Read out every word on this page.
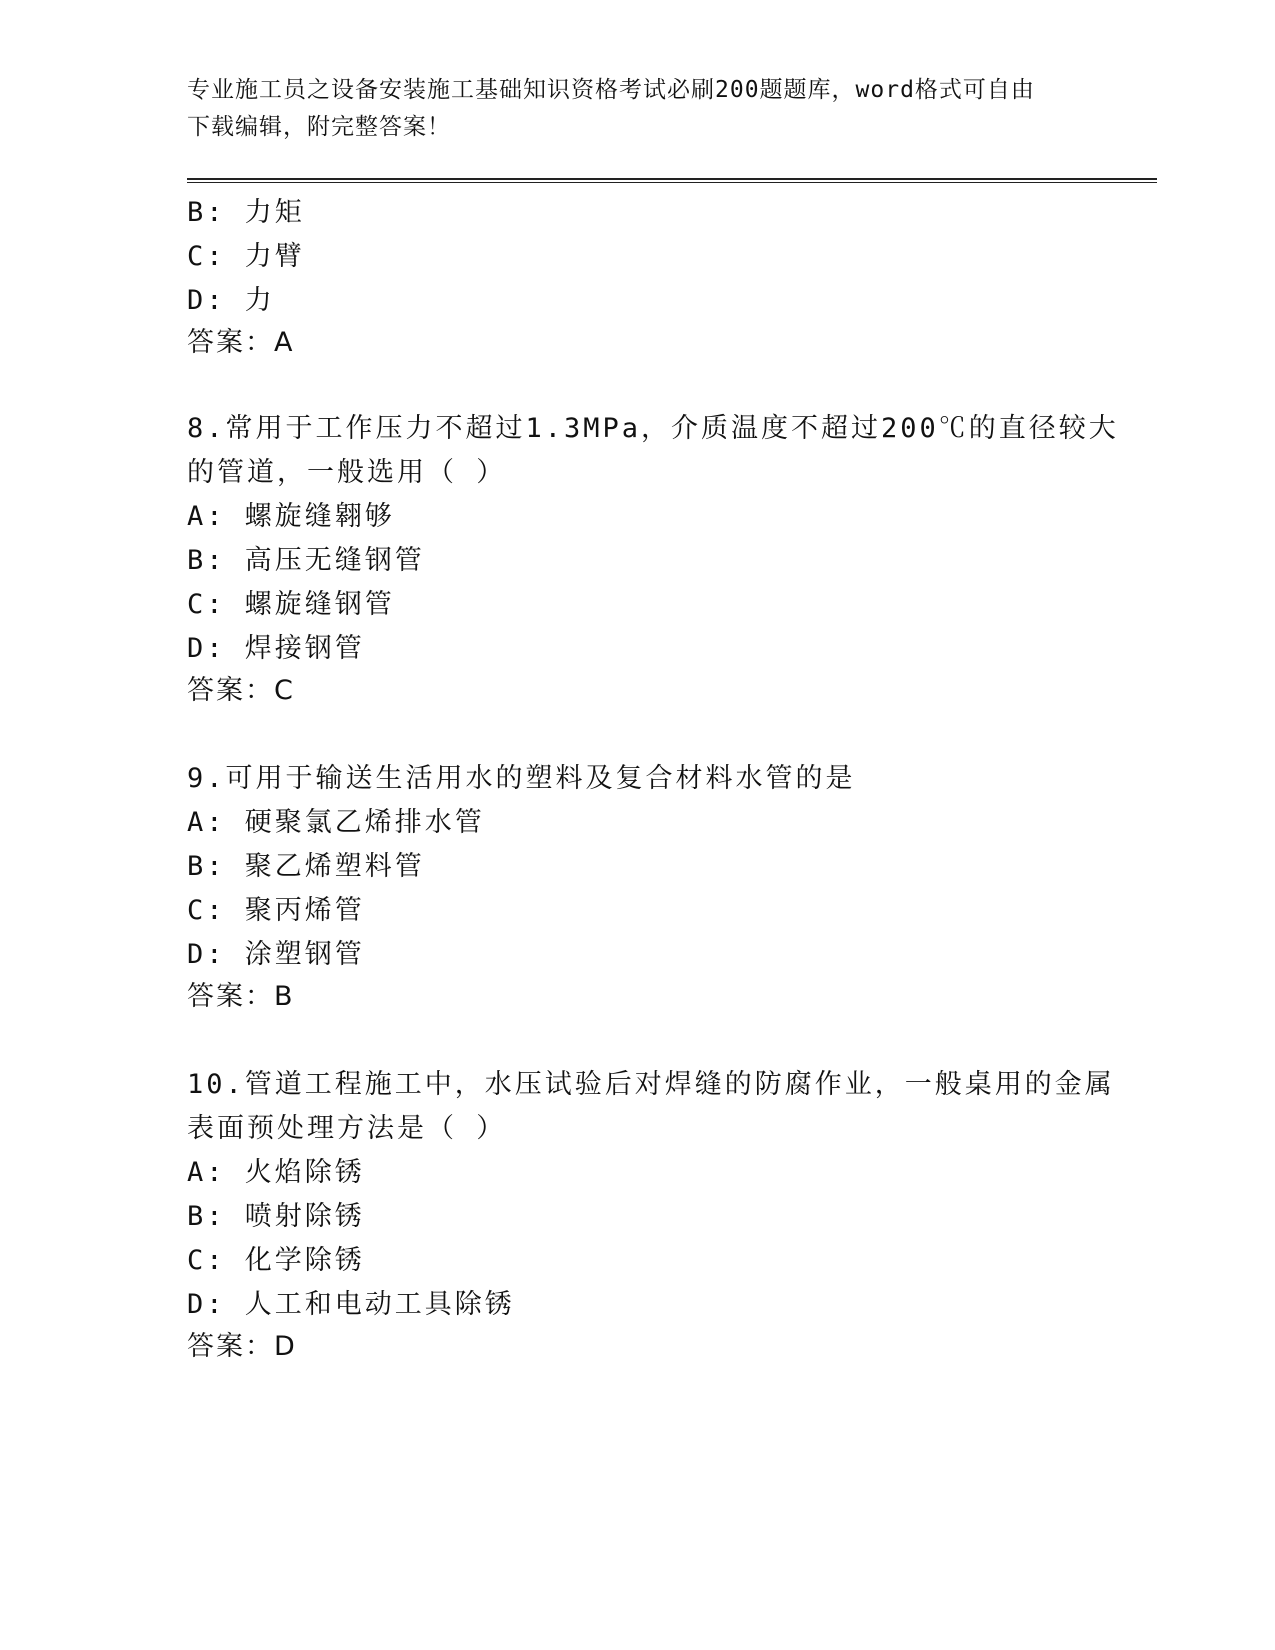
专业施工员之设备安装施工基础知识资格考试必刷200题题库，word格式可自由
下载编辑，附完整答案！
B: 力矩
C: 力臂
D: 力
答案：A
8.常用于工作压力不超过1.3MPa，介质温度不超过200℃的直径较大
的管道，一般选用（ ）
A: 螺旋缝翱够
B: 高压无缝钢管
C: 螺旋缝钢管
D: 焊接钢管
答案：C
9.可用于输送生活用水的塑料及复合材料水管的是
A: 硬聚氯乙烯排水管
B: 聚乙烯塑料管
C: 聚丙烯管
D: 涂塑钢管
答案：B
10.管道工程施工中，水压试验后对焊缝的防腐作业，一般桌用的金属
表面预处理方法是（ ）
A: 火焰除锈
B: 喷射除锈
C: 化学除锈
D: 人工和电动工具除锈
答案：D
